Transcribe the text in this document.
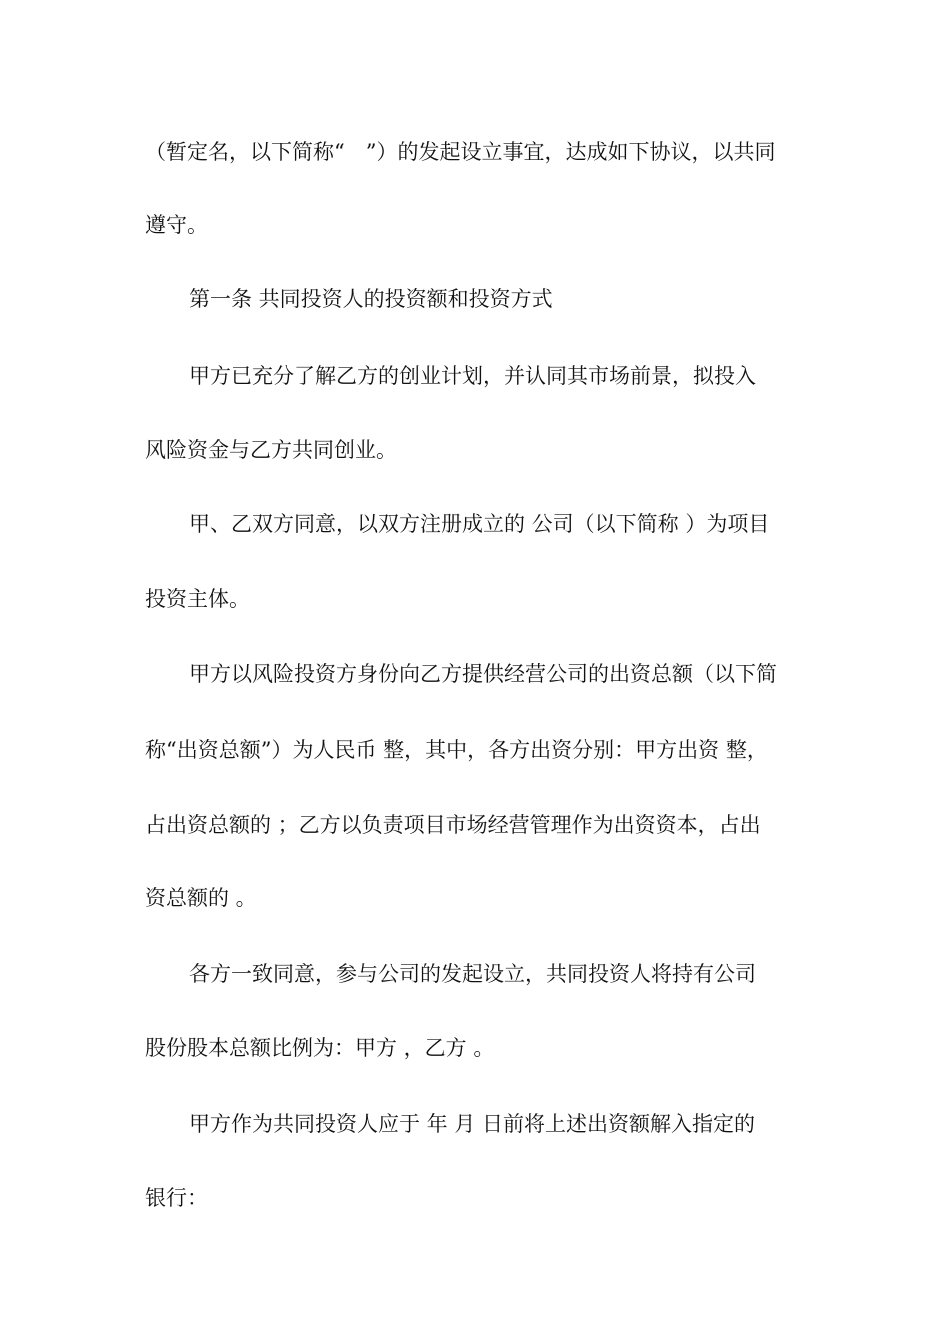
（暂定名，以下简称“　”）的发起设立事宜，达成如下协议，以共同
遵守。
第一条 共同投资人的投资额和投资方式
甲方已充分了解乙方的创业计划，并认同其市场前景，拟投入
风险资金与乙方共同创业。
甲、乙双方同意，以双方注册成立的 公司（以下简称 ）为项目
投资主体。
甲方以风险投资方身份向乙方提供经营公司的出资总额（以下简
称“出资总额”）为人民币 整，其中，各方出资分别：甲方出资 整，
占出资总额的 ；乙方以负责项目市场经营管理作为出资资本，占出
资总额的 。
各方一致同意，参与公司的发起设立，共同投资人将持有公司
股份股本总额比例为：甲方 ，乙方 。
甲方作为共同投资人应于 年 月 日前将上述出资额解入指定的
银行：
